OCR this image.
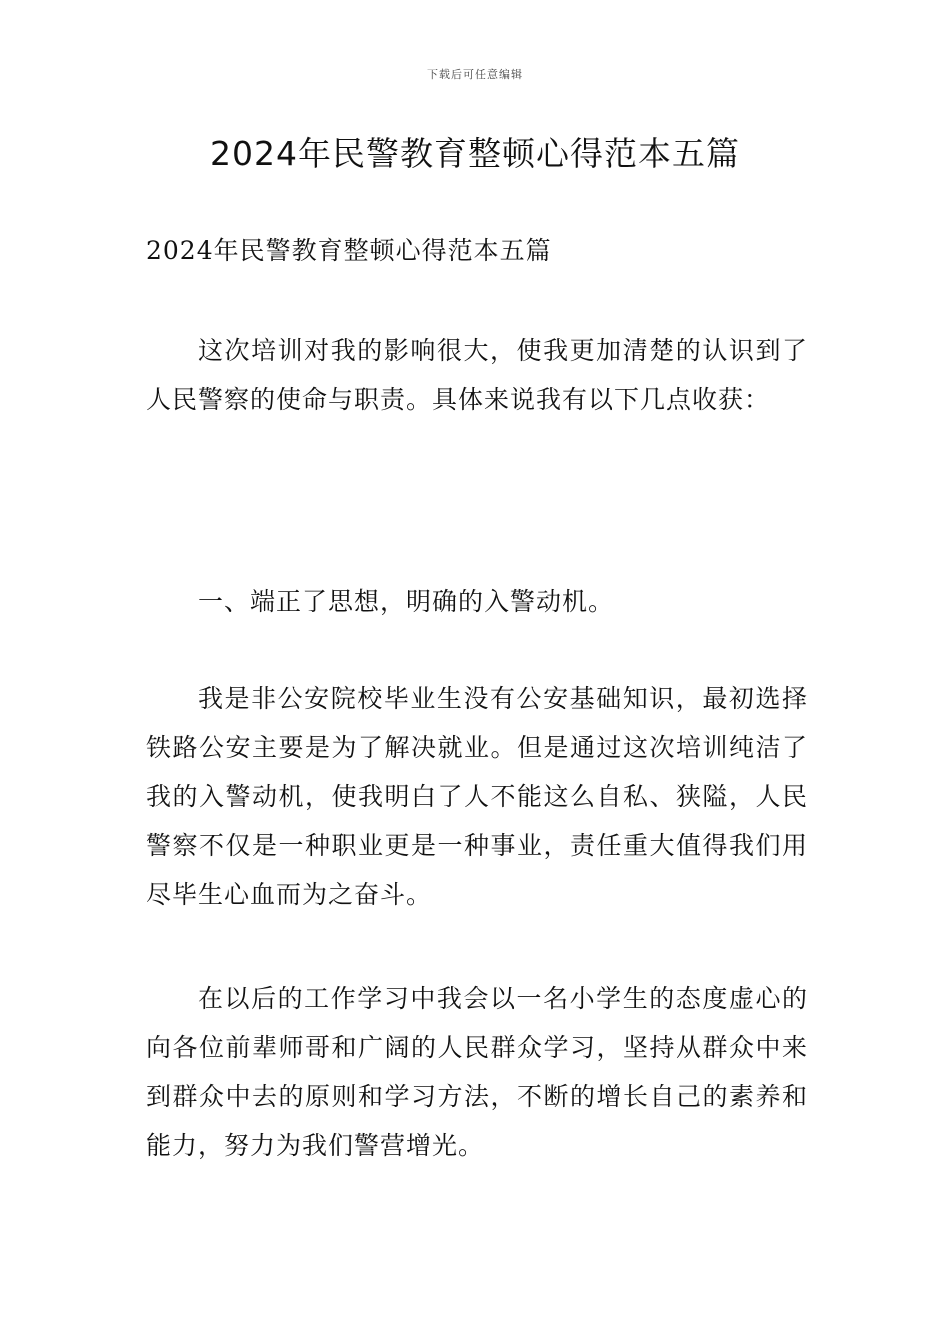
下载后可任意编辑
2024年民警教育整顿心得范本五篇

2024年民警教育整顿心得范本五篇

这次培训对我的影响很大，使我更加清楚的认识到了人民警察的使命与职责。具体来说我有以下几点收获：

一、端正了思想，明确的入警动机。

我是非公安院校毕业生没有公安基础知识，最初选择铁路公安主要是为了解决就业。但是通过这次培训纯洁了我的入警动机，使我明白了人不能这么自私、狭隘，人民警察不仅是一种职业更是一种事业，责任重大值得我们用尽毕生心血而为之奋斗。

在以后的工作学习中我会以一名小学生的态度虚心的向各位前辈师哥和广阔的人民群众学习，坚持从群众中来到群众中去的原则和学习方法，不断的增长自己的素养和能力，努力为我们警营增光。
